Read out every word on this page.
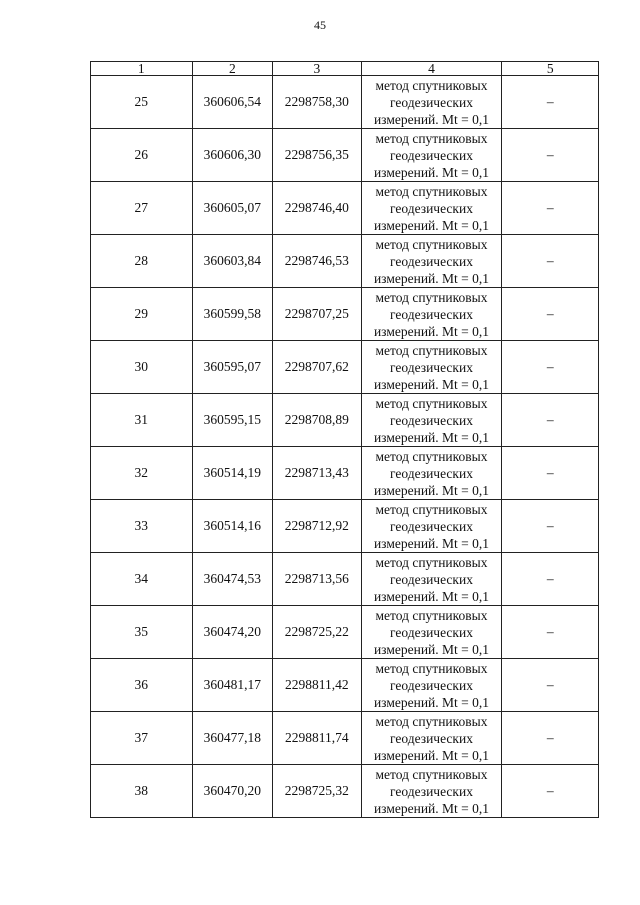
45
1	2	3	4	5
25	360606,54	2298758,30	метод спутниковых
геодезических
измерений. Mt = 0,1	–
26	360606,30	2298756,35	метод спутниковых
геодезических
измерений. Mt = 0,1	–
27	360605,07	2298746,40	метод спутниковых
геодезических
измерений. Mt = 0,1	–
28	360603,84	2298746,53	метод спутниковых
геодезических
измерений. Mt = 0,1	–
29	360599,58	2298707,25	метод спутниковых
геодезических
измерений. Mt = 0,1	–
30	360595,07	2298707,62	метод спутниковых
геодезических
измерений. Mt = 0,1	–
31	360595,15	2298708,89	метод спутниковых
геодезических
измерений. Mt = 0,1	–
32	360514,19	2298713,43	метод спутниковых
геодезических
измерений. Mt = 0,1	–
33	360514,16	2298712,92	метод спутниковых
геодезических
измерений. Mt = 0,1	–
34	360474,53	2298713,56	метод спутниковых
геодезических
измерений. Mt = 0,1	–
35	360474,20	2298725,22	метод спутниковых
геодезических
измерений. Mt = 0,1	–
36	360481,17	2298811,42	метод спутниковых
геодезических
измерений. Mt = 0,1	–
37	360477,18	2298811,74	метод спутниковых
геодезических
измерений. Mt = 0,1	–
38	360470,20	2298725,32	метод спутниковых
геодезических
измерений. Mt = 0,1	–
